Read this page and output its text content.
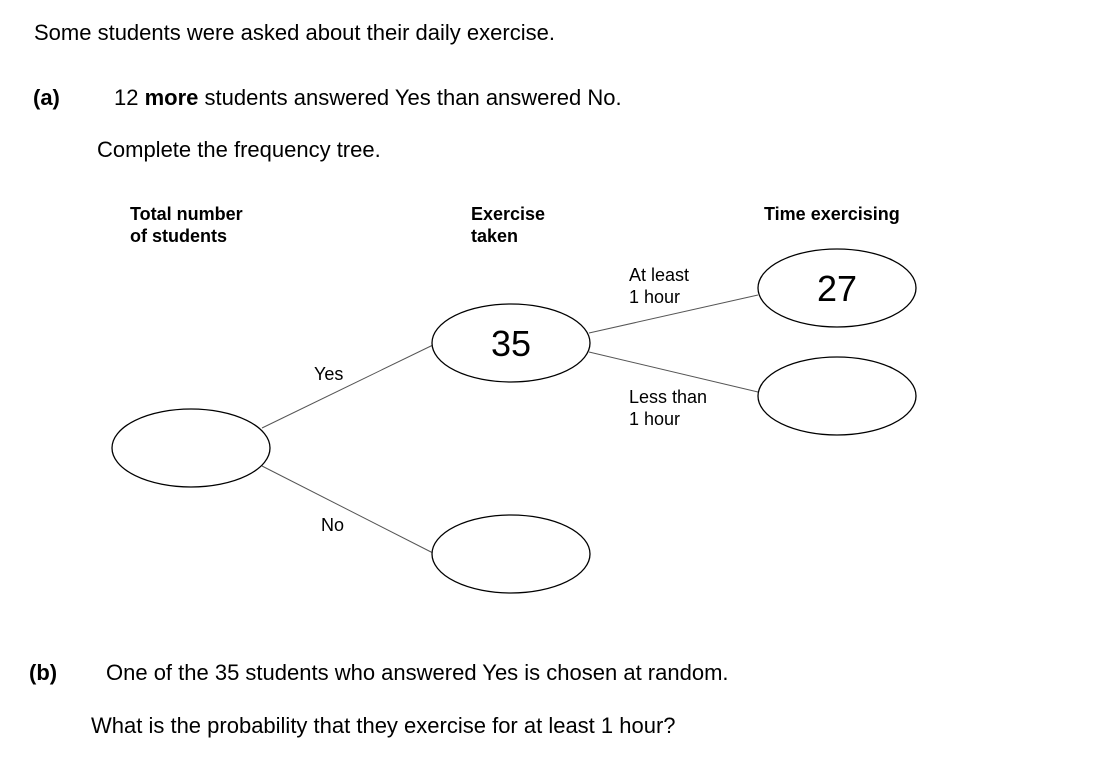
Some students were asked about their daily exercise.
(a) 12 more students answered Yes than answered No.
Complete the frequency tree.
Total number
of students
Exercise
taken
Time exercising
35
27
Yes
No
At least
1 hour
Less than
1 hour
(b) One of the 35 students who answered Yes is chosen at random.
What is the probability that they exercise for at least 1 hour?
